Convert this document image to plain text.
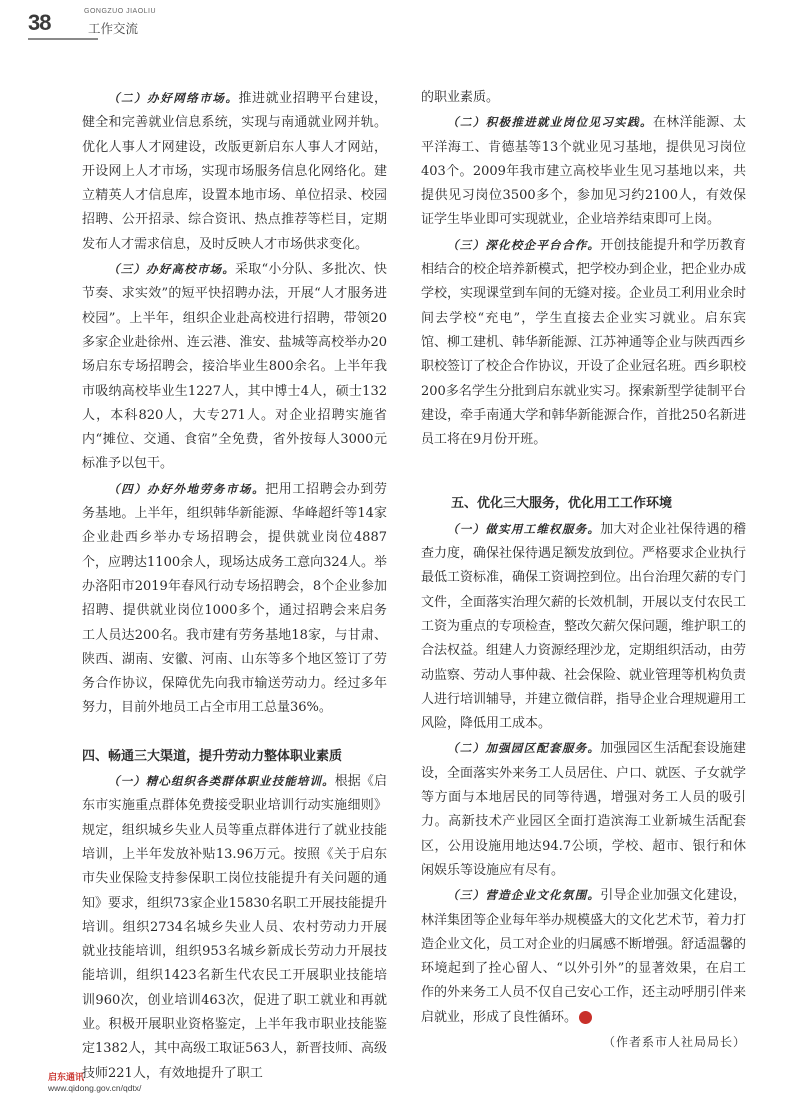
38	GONGZUO JIAOLIU
工作交流

（二）办好网络市场。推进就业招聘平台建设，健全和完善就业信息系统，实现与南通就业网并轨。优化人事人才网建设，改版更新启东人事人才网站，开设网上人才市场，实现市场服务信息化网络化。建立精英人才信息库，设置本地市场、单位招录、校园招聘、公开招录、综合资讯、热点推荐等栏目，定期发布人才需求信息，及时反映人才市场供求变化。

（三）办好高校市场。采取“小分队、多批次、快节奏、求实效”的短平快招聘办法，开展“人才服务进校园”。上半年，组织企业赴高校进行招聘，带领20多家企业赴徐州、连云港、淮安、盐城等高校举办20场启东专场招聘会，接洽毕业生800余名。上半年我市吸纳高校毕业生1227人，其中博士4人，硕士132人，本科820人，大专271人。对企业招聘实施省内“摊位、交通、食宿”全免费，省外按每人3000元标准予以包干。

（四）办好外地劳务市场。把用工招聘会办到劳务基地。上半年，组织韩华新能源、华峰超纤等14家企业赴西乡举办专场招聘会，提供就业岗位4887个，应聘达1100余人，现场达成务工意向324人。举办洛阳市2019年春风行动专场招聘会，8个企业参加招聘、提供就业岗位1000多个，通过招聘会来启务工人员达200名。我市建有劳务基地18家，与甘肃、陕西、湖南、安徽、河南、山东等多个地区签订了劳务合作协议，保障优先向我市输送劳动力。经过多年努力，目前外地员工占全市用工总量36%。

四、畅通三大渠道，提升劳动力整体职业素质

（一）精心组织各类群体职业技能培训。根据《启东市实施重点群体免费接受职业培训行动实施细则》规定，组织城乡失业人员等重点群体进行了就业技能培训，上半年发放补贴13.96万元。按照《关于启东市失业保险支持参保职工岗位技能提升有关问题的通知》要求，组织73家企业15830名职工开展技能提升培训。组织2734名城乡失业人员、农村劳动力开展就业技能培训，组织953名城乡新成长劳动力开展技能培训，组织1423名新生代农民工开展职业技能培训960次，创业培训463次，促进了职工就业和再就业。积极开展职业资格鉴定，上半年我市职业技能鉴定1382人，其中高级工取证563人，新晋技师、高级技师221人，有效地提升了职工

的职业素质。

（二）积极推进就业岗位见习实践。在林洋能源、太平洋海工、肯德基等13个就业见习基地，提供见习岗位403个。2009年我市建立高校毕业生见习基地以来，共提供见习岗位3500多个，参加见习约2100人，有效保证学生毕业即可实现就业，企业培养结束即可上岗。

（三）深化校企平台合作。开创技能提升和学历教育相结合的校企培养新模式，把学校办到企业，把企业办成学校，实现课堂到车间的无缝对接。企业员工利用业余时间去学校“充电”，学生直接去企业实习就业。启东宾馆、柳工建机、韩华新能源、江苏神通等企业与陕西西乡职校签订了校企合作协议，开设了企业冠名班。西乡职校200多名学生分批到启东就业实习。探索新型学徒制平台建设，牵手南通大学和韩华新能源合作，首批250名新进员工将在9月份开班。

五、优化三大服务，优化用工工作环境

（一）做实用工维权服务。加大对企业社保待遇的稽查力度，确保社保待遇足额发放到位。严格要求企业执行最低工资标准，确保工资调控到位。出台治理欠薪的专门文件，全面落实治理欠薪的长效机制，开展以支付农民工工资为重点的专项检查，整改欠薪欠保问题，维护职工的合法权益。组建人力资源经理沙龙，定期组织活动，由劳动监察、劳动人事仲裁、社会保险、就业管理等机构负责人进行培训辅导，并建立微信群，指导企业合理规避用工风险，降低用工成本。

（二）加强园区配套服务。加强园区生活配套设施建设，全面落实外来务工人员居住、户口、就医、子女就学等方面与本地居民的同等待遇，增强对务工人员的吸引力。高新技术产业园区全面打造滨海工业新城生活配套区，公用设施用地达94.7公顷，学校、超市、银行和休闲娱乐等设施应有尽有。

（三）营造企业文化氛围。引导企业加强文化建设，林洋集团等企业每年举办规模盛大的文化艺术节，着力打造企业文化，员工对企业的归属感不断增强。舒适温馨的环境起到了拴心留人、“以外引外”的显著效果，在启工作的外来务工人员不仅自己安心工作，还主动呼朋引伴来启就业，形成了良性循环。

（作者系市人社局局长）

启东通讯
www.qidong.gov.cn/qdtx/
